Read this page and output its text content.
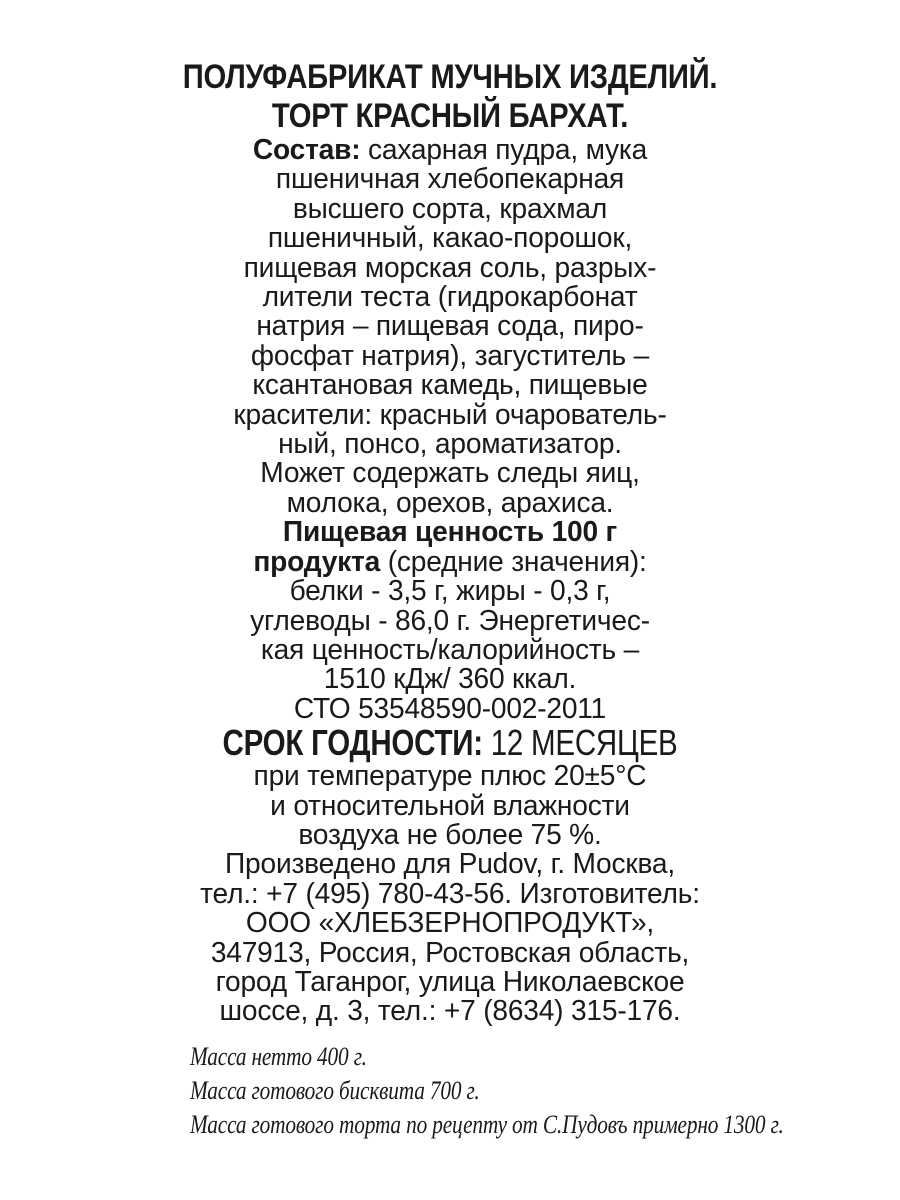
ПОЛУФАБРИКАТ МУЧНЫХ ИЗДЕЛИЙ.
ТОРТ КРАСНЫЙ БАРХАТ.
Состав: сахарная пудра, мука
пшеничная хлебопекарная
высшего сорта, крахмал
пшеничный, какао-порошок,
пищевая морская соль, разрых-
лители теста (гидрокарбонат
натрия – пищевая сода, пиро-
фосфат натрия), загуститель –
ксантановая камедь, пищевые
красители: красный очарователь-
ный, понсо, ароматизатор.
Может содержать следы яиц,
молока, орехов, арахиса.
Пищевая ценность 100 г
продукта (средние значения):
белки - 3,5 г, жиры - 0,3 г,
углеводы - 86,0 г. Энергетичес-
кая ценность/калорийность –
1510 кДж/ 360 ккал.
СТО 53548590-002-2011
СРОК ГОДНОСТИ: 12 МЕСЯЦЕВ
при температуре плюс 20±5°С
и относительной влажности
воздуха не более 75 %.
Произведено для Pudov, г. Москва,
тел.: +7 (495) 780-43-56. Изготовитель:
ООО «ХЛЕБЗЕРНОПРОДУКТ»,
347913, Россия, Ростовская область,
город Таганрог, улица Николаевское
шоссе, д. 3, тел.: +7 (8634) 315-176.
Масса нетто 400 г.
Масса готового бисквита 700 г.
Масса готового торта по рецепту от С.Пудовъ примерно 1300 г.
